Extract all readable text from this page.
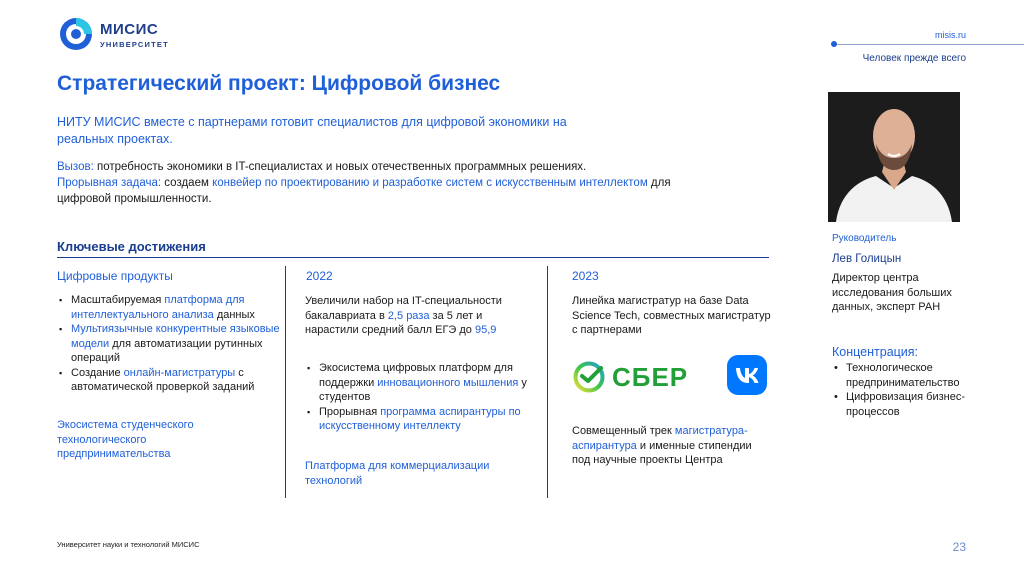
МИСИС
УНИВЕРСИТЕТ
misis.ru
Человек прежде всего
Стратегический проект: Цифровой бизнес
НИТУ МИСИС вместе с партнерами готовит специалистов для цифровой экономики на реальных проектах.
Вызов: потребность экономики в IT-специалистах и новых отечественных программных решениях.
Прорывная задача: создаем конвейер по проектированию и разработке систем с искусственным интеллектом для цифровой промышленности.
Ключевые достижения
Цифровые продукты
▪ Масштабируемая платформа для интеллектуального анализа данных
▪ Мультиязычные конкурентные языковые модели для автоматизации рутинных операций
▪ Создание онлайн-магистратуры с автоматической проверкой заданий
Экосистема студенческого технологического предпринимательства
2022
Увеличили набор на IT-специальности бакалавриата в 2,5 раза за 5 лет и нарастили средний балл ЕГЭ до 95,9
▪ Экосистема цифровых платформ для поддержки инновационного мышления у студентов
▪ Прорывная программа аспирантуры по искусственному интеллекту
Платформа для коммерциализации технологий
2023
Линейка магистратур на базе Data Science Tech, совместных магистратур с партнерами
СБЕР
Совмещенный трек магистратура-аспирантура и именные стипендии под научные проекты Центра
Руководитель
Лев Голицын
Директор центра исследования больших данных, эксперт РАН
Концентрация:
• Технологическое предпринимательство
• Цифровизация бизнес-процессов
Университет науки и технологий МИСИС	23
